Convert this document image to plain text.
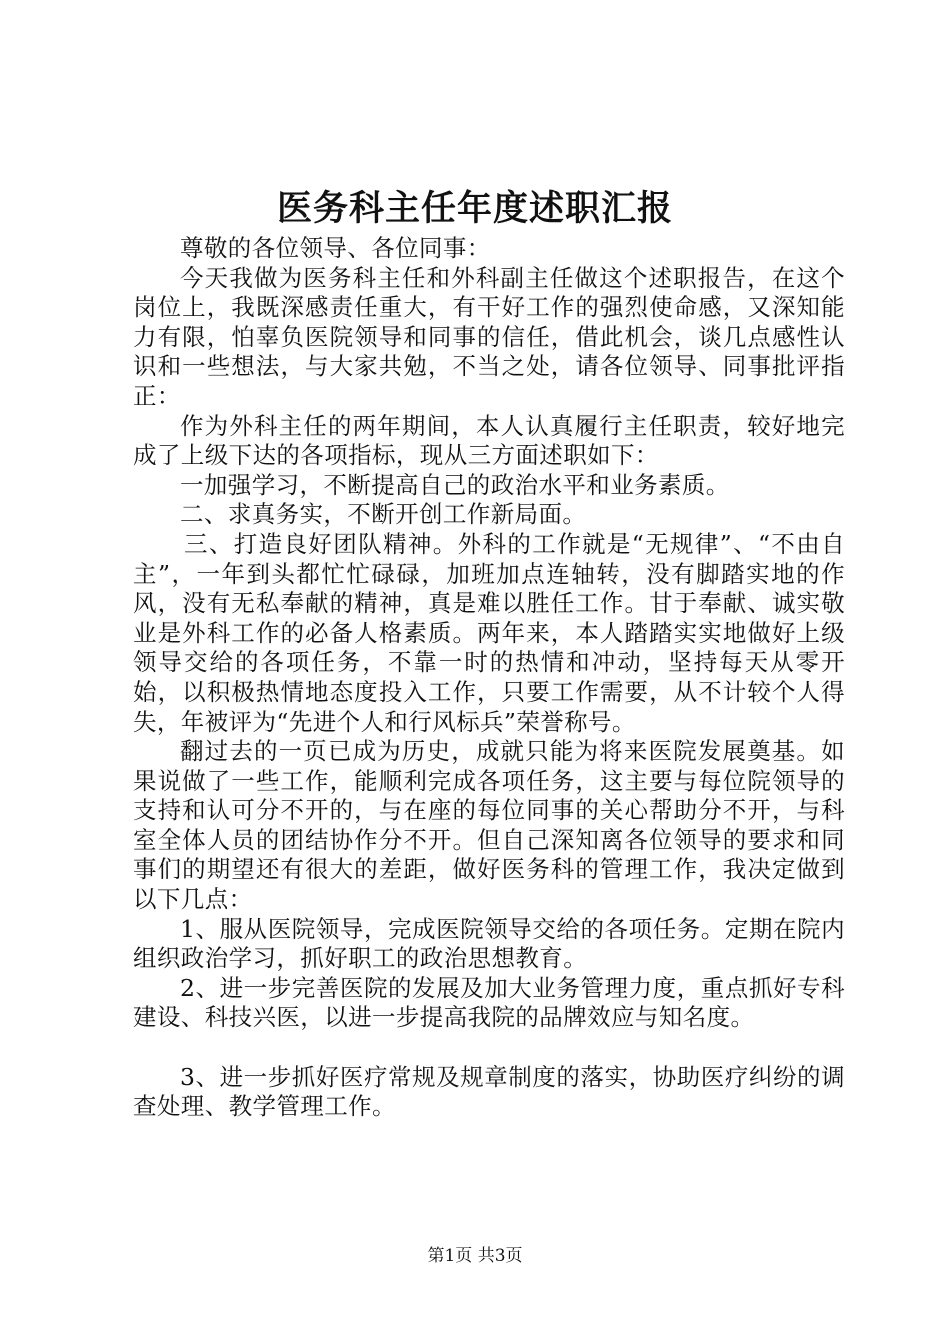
医务科主任年度述职汇报

尊敬的各位领导、各位同事：

今天我做为医务科主任和外科副主任做这个述职报告，在这个岗位上，我既深感责任重大，有干好工作的强烈使命感，又深知能力有限，怕辜负医院领导和同事的信任，借此机会，谈几点感性认识和一些想法，与大家共勉，不当之处，请各位领导、同事批评指正：

作为外科主任的两年期间，本人认真履行主任职责，较好地完成了上级下达的各项指标，现从三方面述职如下：

一加强学习，不断提高自己的政治水平和业务素质。

二、求真务实，不断开创工作新局面。

三、打造良好团队精神。外科的工作就是“无规律”、“不由自主”，一年到头都忙忙碌碌，加班加点连轴转，没有脚踏实地的作风，没有无私奉献的精神，真是难以胜任工作。甘于奉献、诚实敬业是外科工作的必备人格素质。两年来，本人踏踏实实地做好上级领导交给的各项任务，不靠一时的热情和冲动，坚持每天从零开始，以积极热情地态度投入工作，只要工作需要，从不计较个人得失，年被评为“先进个人和行风标兵”荣誉称号。

翻过去的一页已成为历史，成就只能为将来医院发展奠基。如果说做了一些工作，能顺利完成各项任务，这主要与每位院领导的支持和认可分不开的，与在座的每位同事的关心帮助分不开，与科室全体人员的团结协作分不开。但自己深知离各位领导的要求和同事们的期望还有很大的差距，做好医务科的管理工作，我决定做到以下几点：

1、服从医院领导，完成医院领导交给的各项任务。定期在院内组织政治学习，抓好职工的政治思想教育。

2、进一步完善医院的发展及加大业务管理力度，重点抓好专科建设、科技兴医，以进一步提高我院的品牌效应与知名度。

3、进一步抓好医疗常规及规章制度的落实，协助医疗纠纷的调查处理、教学管理工作。

第1页 共3页
